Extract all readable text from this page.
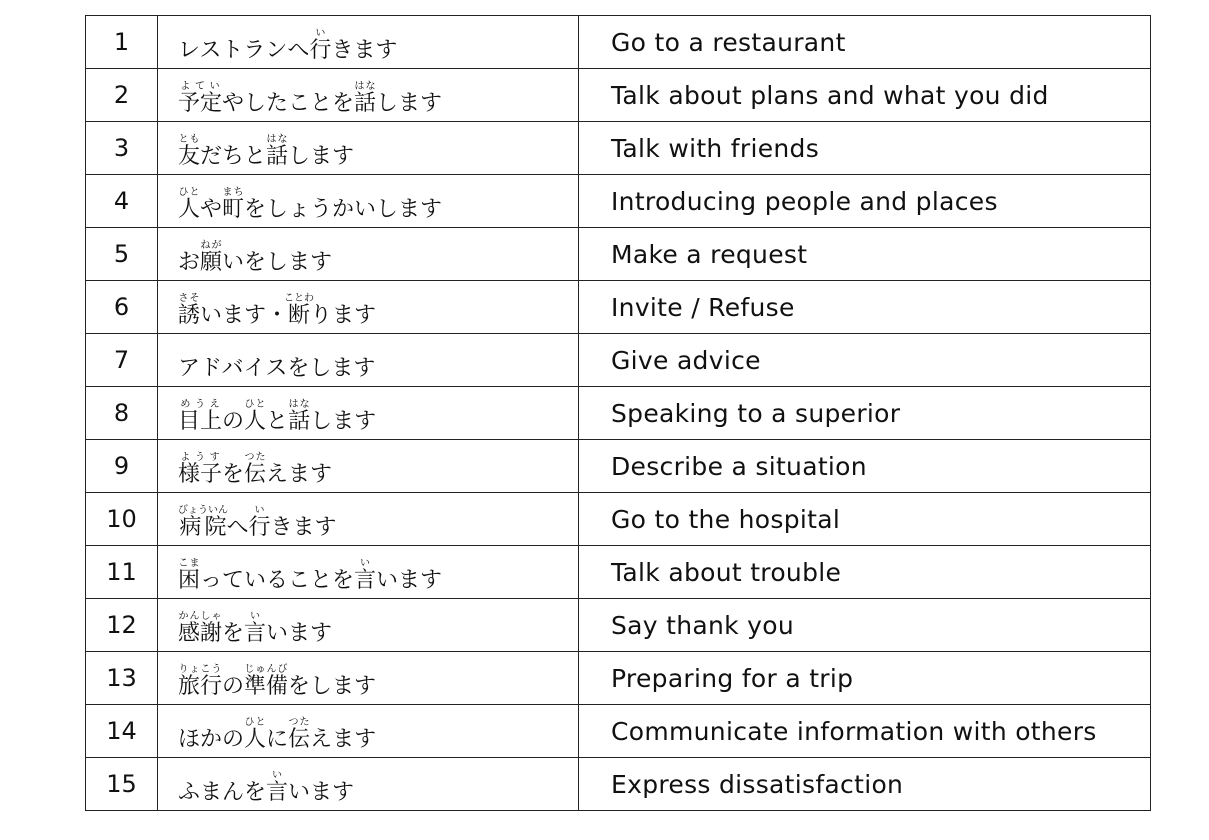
1	レストランへ行いきます	Go to a restaurant
2	予定よていやしたことを話はなします	Talk about plans and what you did
3	友ともだちと話はなします	Talk with friends
4	人ひとや町まちをしょうかいします	Introducing people and places
5	お願ねがいをします	Make a request
6	誘さそいます・断ことわります	Invite / Refuse
7	アドバイスをします	Give advice
8	目上めうえの人ひとと話はなします	Speaking to a superior
9	様子ようすを伝つたえます	Describe a situation
10	病院びょういんへ行いきます	Go to the hospital
11	困こまっていることを言いいます	Talk about trouble
12	感謝かんしゃを言いいます	Say thank you
13	旅行りょこうの準備じゅんびをします	Preparing for a trip
14	ほかの人ひとに伝つたえます	Communicate information with others
15	ふまんを言いいます	Express dissatisfaction
